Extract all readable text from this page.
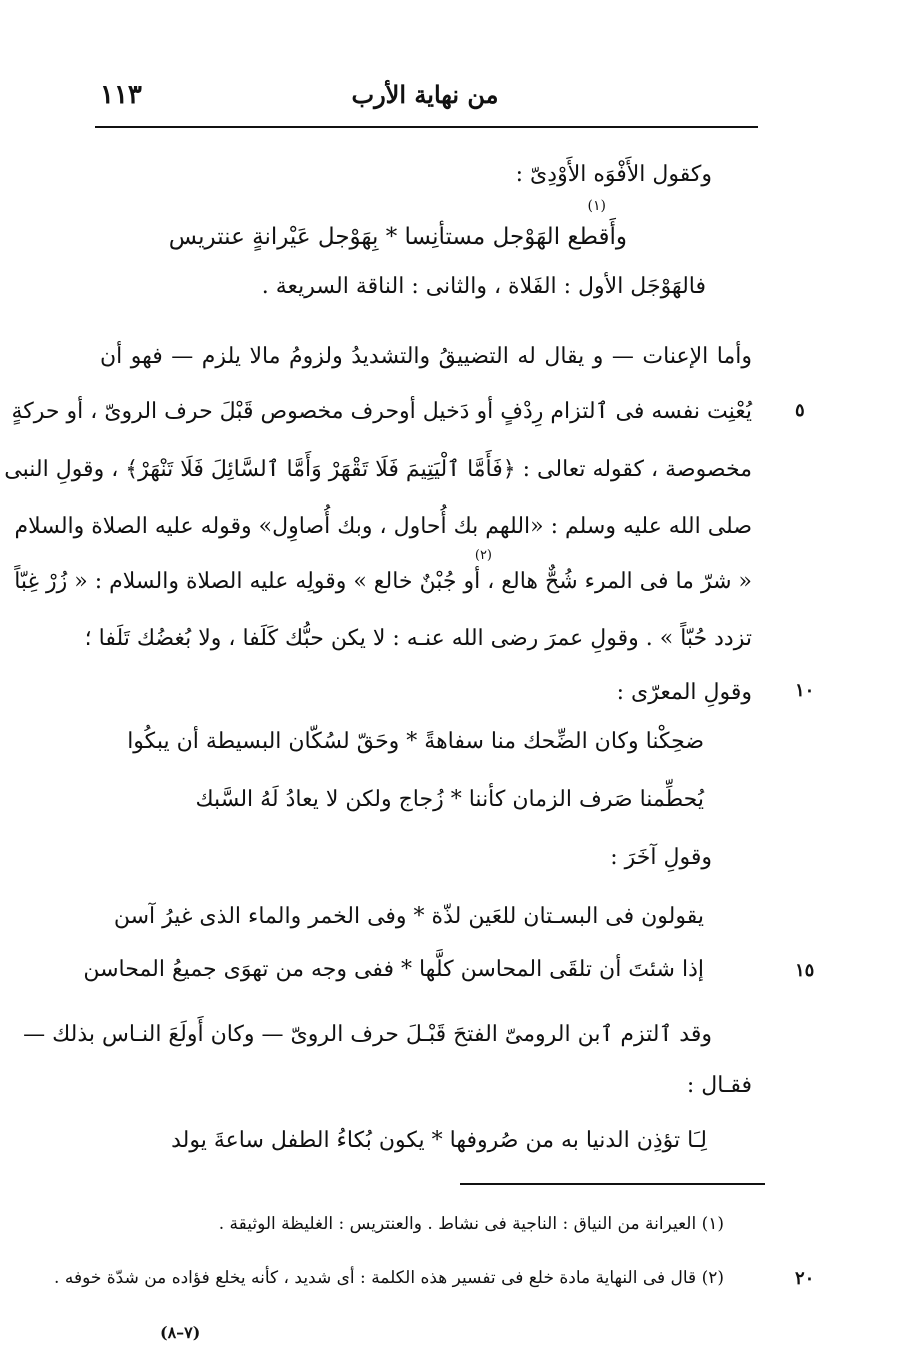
من نهاية الأرب
١١٣
وكقول الأَفْوَه الأَوْدِىّ :
وأَقطع الهَوْجل مستأنِسا * بِهَوْجل عَيْرانةٍ عنتريس
(١)
فالهَوْجَل الأول : الفَلاة ، والثانى : الناقة السريعة .
وأما الإعنات — و يقال له التضييقُ والتشديدُ ولزومُ مالا يلزم — فهو أن
يُعْنِت نفسه فى ٱلتزام رِدْفٍ أو دَخيل أوحرف مخصوص قَبْلَ حرف الروىّ ، أو حركةٍ
مخصوصة ، كقوله تعالى : ﴿فَأَمَّا ٱلْيَتِيمَ فَلَا تَقْهَرْ وَأَمَّا ٱلسَّائِلَ فَلَا تَنْهَرْ﴾ ، وقولِ النبى
صلى الله عليه وسلم : «اللهم بك أُحاول ، وبك أُصاوِل» وقوله عليه الصلاة والسلام
« شرّ ما فى المرء شُحٌّ هالع ، أو جُبْنٌ خالع » وقولِه عليه الصلاة والسلام : « زُرْ غِبّاً
(٢)
تزدد حُبّاً » . وقولِ عمرَ رضى الله عنـه : لا يكن حبُّك كَلَفا ، ولا بُغضُك تَلَفا ؛
وقولِ المعرّى :
ضحِكْنا وكان الضِّحك منا سفاهةً * وحَقّ لسُكّان البسيطة أن يبكُوا
يُحطِّمنا صَرف الزمان كأننا * زُجاج ولكن لا يعادُ لَهُ السَّبك
وقولِ آخَرَ :
يقولون فى البسـتان للعَين لذّة * وفى الخمر والماء الذى غيرُ آسن
إذا شئتَ أن تلقَى المحاسن كلَّها * ففى وجه من تهوَى جميعُ المحاسن
وقد ٱلتزم ٱبن الرومىّ الفتحَ قَبْـلَ حرف الروىّ — وكان أَولَعَ النـاس بذلك —
فقـال :
لِـَا تؤذِن الدنيا به من صُروفها * يكون بُكاءُ الطفل ساعةَ يولد
٥
١٠
١٥
٢٠
(١) العيرانة من النياق : الناجية فى نشاط . والعنتريس : الغليظة الوثيقة .
(٢) قال فى النهاية مادة خلع فى تفسير هذه الكلمة : أى شديد ، كأنه يخلع فؤاده من شدّة خوفه .
(٧–٨)
